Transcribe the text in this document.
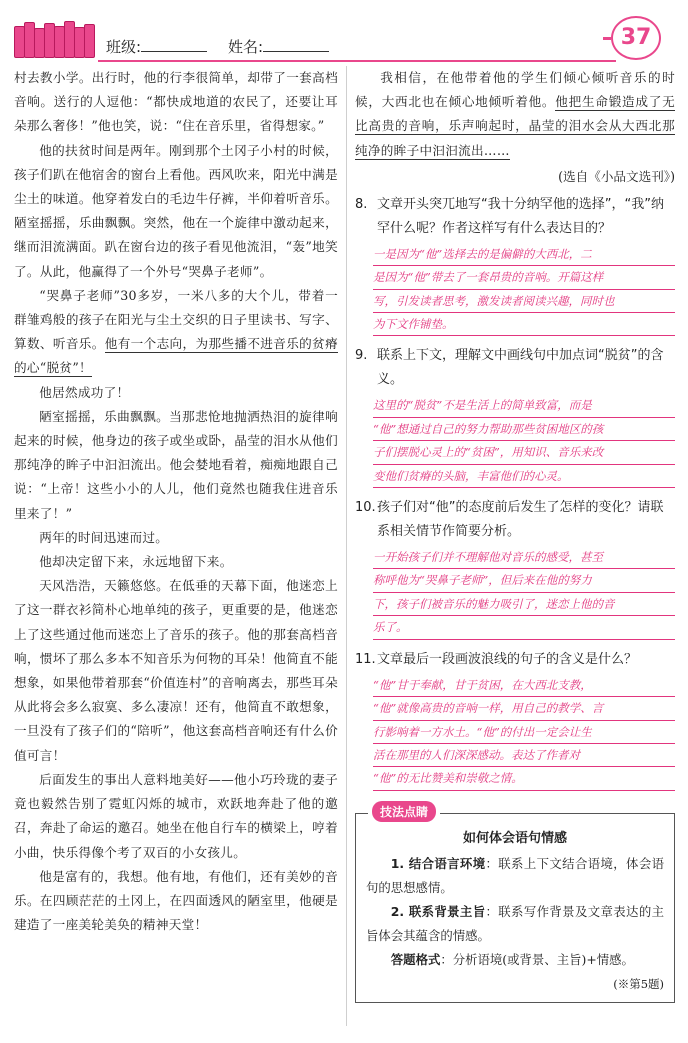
班级:	姓名:	37

村去教小学。出行时，他的行李很简单，却带了一套高档音响。送行的人逗他：“都快成地道的农民了，还要让耳朵那么奢侈！”他也笑，说：“住在音乐里，省得想家。”

他的扶贫时间是两年。刚到那个土冈子小村的时候，孩子们趴在他宿舍的窗台上看他。西风吹来，阳光中满是尘土的味道。他穿着发白的毛边牛仔裤，半仰着听音乐。陋室摇摇，乐曲飘飘。突然，他在一个旋律中激动起来，继而泪流满面。趴在窗台边的孩子看见他流泪，“轰”地笑了。从此，他赢得了一个外号“哭鼻子老师”。

“哭鼻子老师”30多岁，一米八多的大个儿，带着一群雏鸡般的孩子在阳光与尘土交织的日子里读书、写字、算数、听音乐。他有一个志向，为那些播不进音乐的贫瘠的心“脱贫”！

他居然成功了！

陋室摇摇，乐曲飘飘。当那悲怆地抛洒热泪的旋律响起来的时候，他身边的孩子或坐或卧，晶莹的泪水从他们那纯净的眸子中汩汩流出。他会婪地看着，痴痴地跟自己说：“上帝！这些小小的人儿，他们竟然也随我住进音乐里来了！”

两年的时间迅速而过。

他却决定留下来，永远地留下来。

天风浩浩，天籁悠悠。在低垂的天幕下面，他迷恋上了这一群衣衫简朴心地单纯的孩子，更重要的是，他迷恋上了这些通过他而迷恋上了音乐的孩子。他的那套高档音响，惯坏了那么多本不知音乐为何物的耳朵！他简直不能想象，如果他带着那套“价值连村”的音响离去，那些耳朵从此将会多么寂寞、多么凄凉！还有，他简直不敢想象，一旦没有了孩子们的“陪听”，他这套高档音响还有什么价值可言！

后面发生的事出人意料地美好——他小巧玲珑的妻子竟也毅然告别了霓虹闪烁的城市，欢跃地奔赴了他的邀召，奔赴了命运的邀召。她坐在他自行车的横梁上，哼着小曲，快乐得像个考了双百的小女孩儿。

他是富有的，我想。他有地，有他们，还有美妙的音乐。在四顾茫茫的土冈上，在四面透风的陋室里，他硬是建造了一座美轮美奂的精神天堂！

我相信，在他带着他的学生们倾心倾听音乐的时候，大西北也在倾心地倾听着他。他把生命锻造成了无比高贵的音响，乐声响起时，晶莹的泪水会从大西北那纯净的眸子中汩汩流出……

(选自《小品文选刊》)
8. 文章开头突兀地写“我十分纳罕他的选择”，“我”纳罕什么呢？作者这样写有什么表达目的？
一是因为“他”选择去的是偏僻的大西北，二
是因为“他”带去了一套昂贵的音响。开篇这样
写，引发读者思考，激发读者阅读兴趣，同时也
为下文作铺垫。
9. 联系上下文，理解文中画线句中加点词“脱贫”的含义。
这里的“脱贫”不是生活上的简单致富，而是
“他”想通过自己的努力帮助那些贫困地区的孩
子们摆脱心灵上的“贫困”，用知识、音乐来改
变他们贫瘠的头脑，丰富他们的心灵。
10. 孩子们对“他”的态度前后发生了怎样的变化？请联系相关情节作简要分析。
一开始孩子们并不理解他对音乐的感受，甚至
称呼他为“哭鼻子老师”，但后来在他的努力
下，孩子们被音乐的魅力吸引了，迷恋上他的音
乐了。
11. 文章最后一段画波浪线的句子的含义是什么？
“他”甘于奉献，甘于贫困，在大西北支教，
“他”就像高贵的音响一样，用自己的教学、言
行影响着一方水土。“他”的付出一定会让生
活在那里的人们深深感动。表达了作者对
“他”的无比赞美和崇敬之情。
技法点睛
如何体会语句情感

1. 结合语言环境：联系上下文结合语境，体会语句的思想感情。

2. 联系背景主旨：联系写作背景及文章表达的主旨体会其蕴含的情感。

答题格式：分析语境(或背景、主旨)+情感。

(※第5题)
